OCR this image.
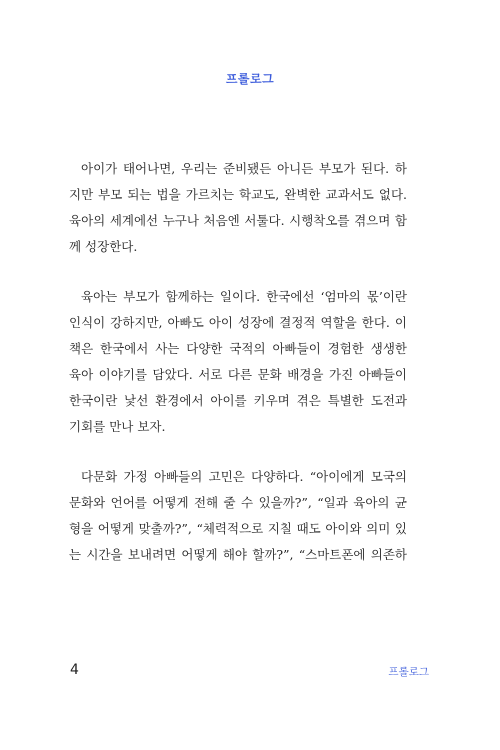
프롤로그
아이가 태어나면, 우리는 준비됐든 아니든 부모가 된다. 하
지만 부모 되는 법을 가르치는 학교도, 완벽한 교과서도 없다.
육아의 세계에선 누구나 처음엔 서툴다. 시행착오를 겪으며 함
께 성장한다.
육아는 부모가 함께하는 일이다. 한국에선 ‘엄마의 몫’이란
인식이 강하지만, 아빠도 아이 성장에 결정적 역할을 한다. 이
책은 한국에서 사는 다양한 국적의 아빠들이 경험한 생생한
육아 이야기를 담았다. 서로 다른 문화 배경을 가진 아빠들이
한국이란 낯선 환경에서 아이를 키우며 겪은 특별한 도전과
기회를 만나 보자.
다문화 가정 아빠들의 고민은 다양하다. “아이에게 모국의
문화와 언어를 어떻게 전해 줄 수 있을까?”, “일과 육아의 균
형을 어떻게 맞출까?”, “체력적으로 지칠 때도 아이와 의미 있
는 시간을 보내려면 어떻게 해야 할까?”, “스마트폰에 의존하
4	프롤로그
